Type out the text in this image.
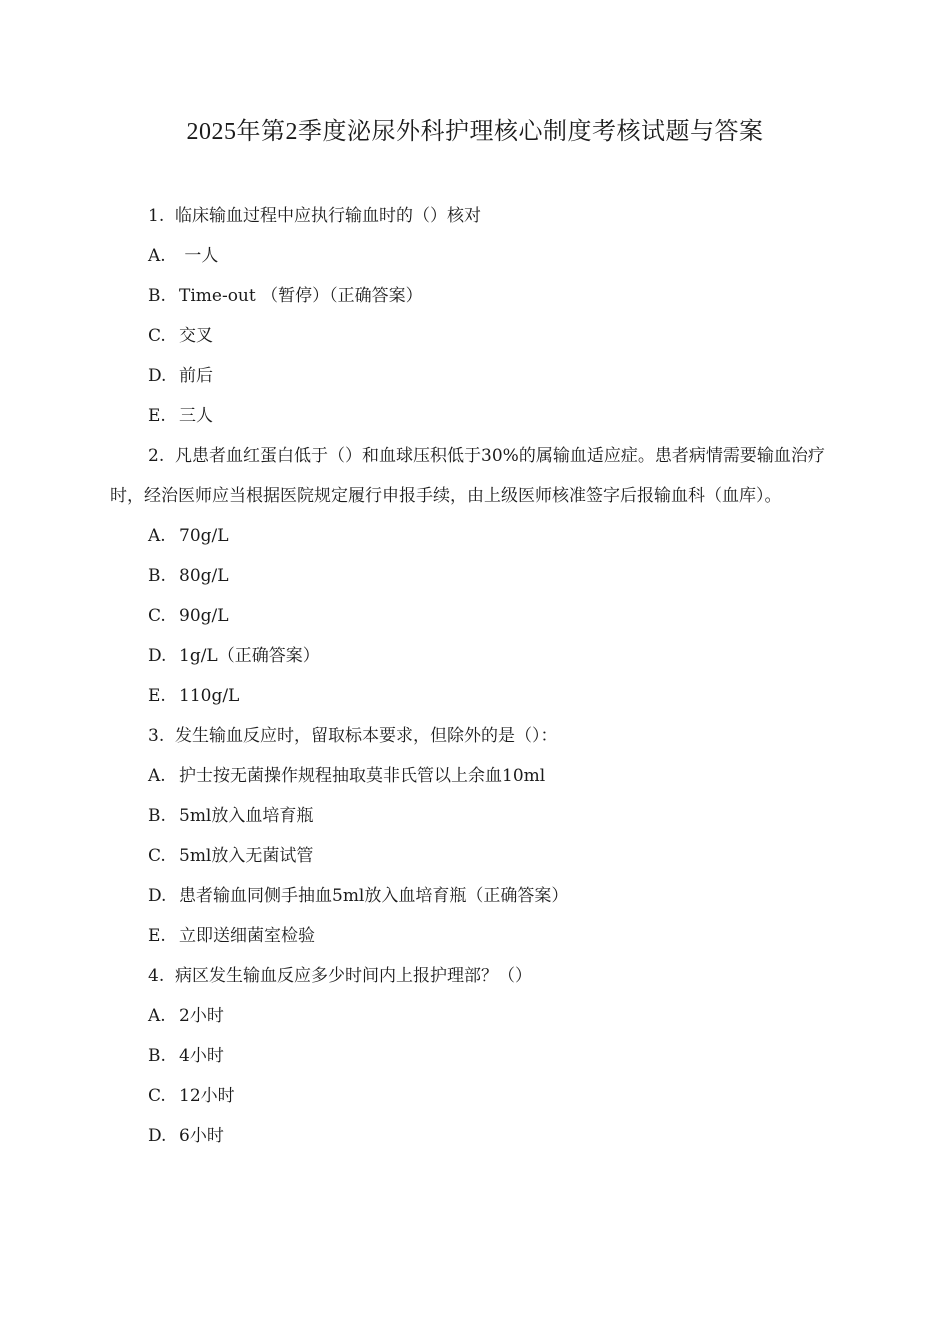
2025年第2季度泌尿外科护理核心制度考核试题与答案
1. 临床输血过程中应执行输血时的（）核对
A. 一人
B. Time-out （暂停）（正确答案）
C. 交叉
D. 前后
E. 三人
2. 凡患者血红蛋白低于（）和血球压积低于30%的属输血适应症。患者病情需要输血治疗时，经治医师应当根据医院规定履行申报手续，由上级医师核准签字后报输血科（血库）。
A. 70g/L
B. 80g/L
C. 90g/L
D. 1g/L（正确答案）
E. 110g/L
3. 发生输血反应时，留取标本要求，但除外的是（）：
A. 护士按无菌操作规程抽取莫非氏管以上余血10ml
B. 5ml放入血培育瓶
C. 5ml放入无菌试管
D. 患者输血同侧手抽血5ml放入血培育瓶（正确答案）
E. 立即送细菌室检验
4. 病区发生输血反应多少时间内上报护理部？（）
A. 2小时
B. 4小时
C. 12小时
D. 6小时
